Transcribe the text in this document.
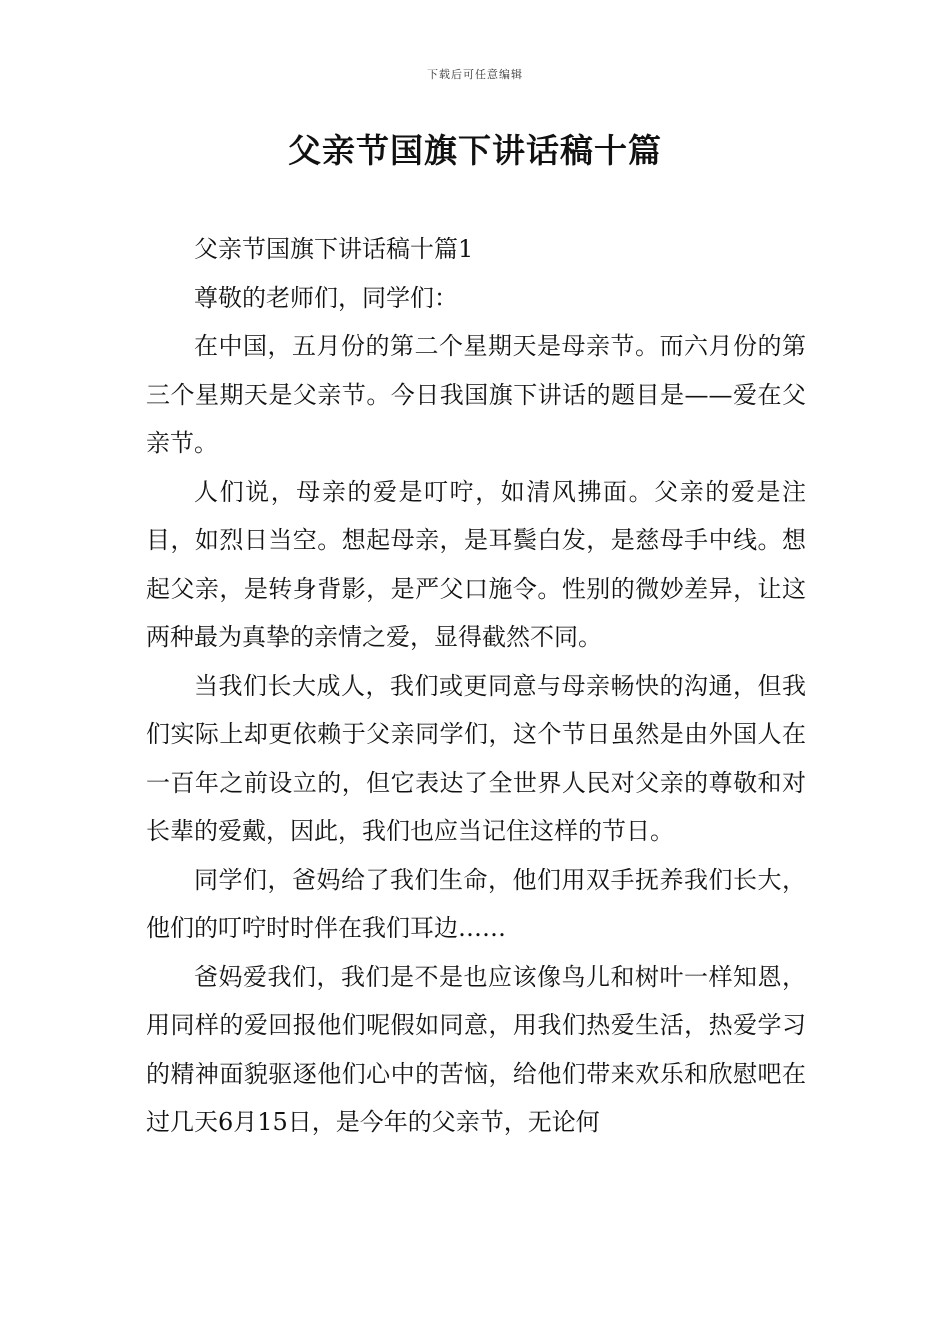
下载后可任意编辑
父亲节国旗下讲话稿十篇

父亲节国旗下讲话稿十篇1

尊敬的老师们，同学们：

在中国，五月份的第二个星期天是母亲节。而六月份的第三个星期天是父亲节。今日我国旗下讲话的题目是——爱在父亲节。

人们说，母亲的爱是叮咛，如清风拂面。父亲的爱是注目，如烈日当空。想起母亲，是耳鬓白发，是慈母手中线。想起父亲，是转身背影，是严父口施令。性别的微妙差异，让这两种最为真挚的亲情之爱，显得截然不同。

当我们长大成人，我们或更同意与母亲畅快的沟通，但我们实际上却更依赖于父亲同学们，这个节日虽然是由外国人在一百年之前设立的，但它表达了全世界人民对父亲的尊敬和对长辈的爱戴，因此，我们也应当记住这样的节日。

同学们，爸妈给了我们生命，他们用双手抚养我们长大，他们的叮咛时时伴在我们耳边……

爸妈爱我们，我们是不是也应该像鸟儿和树叶一样知恩，用同样的爱回报他们呢假如同意，用我们热爱生活，热爱学习的精神面貌驱逐他们心中的苦恼，给他们带来欢乐和欣慰吧在过几天6月15日，是今年的父亲节，无论何
